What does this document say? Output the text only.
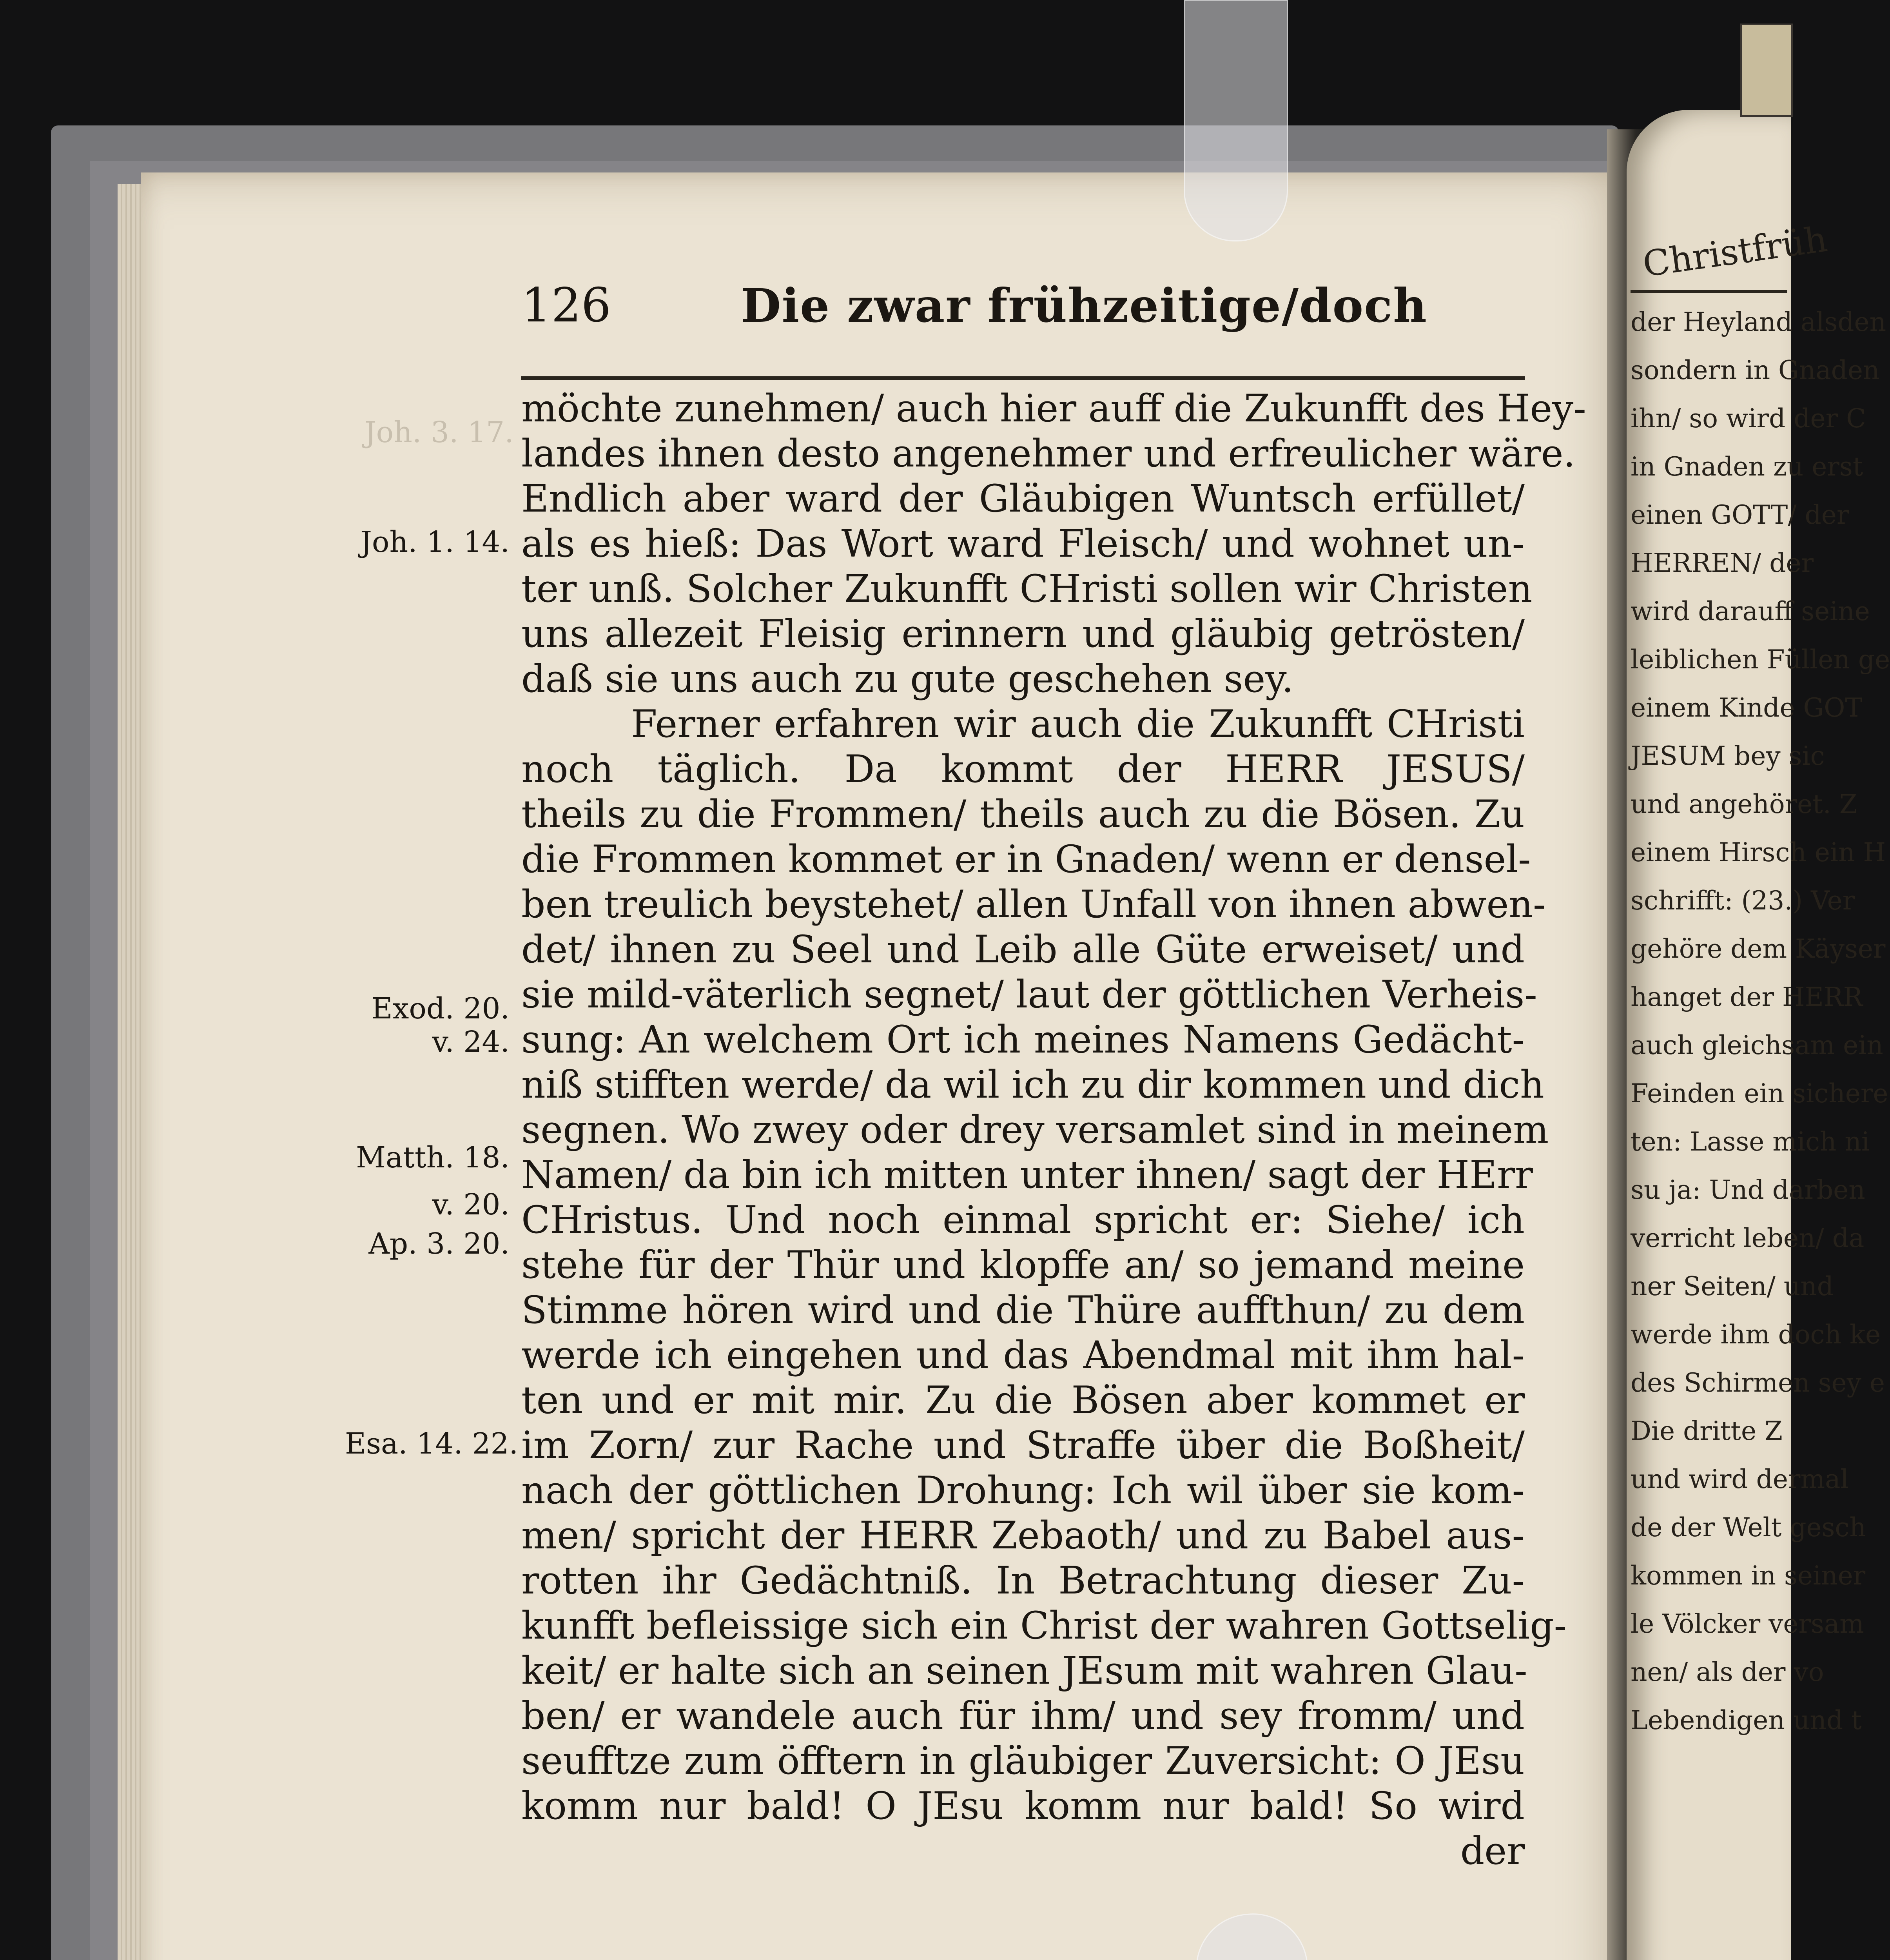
126	Die zwar frühzeitige/doch
Joh. 3. 17.
Joh. 1. 14.
Exod. 20.
v. 24.
Matth. 18.
v. 20.
Ap. 3. 20.
Esa. 14. 22.
möchte zunehmen/ auch hier auff die Zukunfft des Hey-
landes ihnen desto angenehmer und erfreulicher wäre.
Endlich aber ward der Gläubigen Wuntsch erfüllet/
als es hieß: Das Wort ward Fleisch/ und wohnet un-
ter unß. Solcher Zukunfft CHristi sollen wir Christen
uns allezeit Fleisig erinnern und gläubig getrösten/
daß sie uns auch zu gute geschehen sey.
Ferner erfahren wir auch die Zukunfft CHristi
noch täglich. Da kommt der HERR JESUS/
theils zu die Frommen/ theils auch zu die Bösen. Zu
die Frommen kommet er in Gnaden/ wenn er densel-
ben treulich beystehet/ allen Unfall von ihnen abwen-
det/ ihnen zu Seel und Leib alle Güte erweiset/ und
sie mild-väterlich segnet/ laut der göttlichen Verheis-
sung: An welchem Ort ich meines Namens Gedächt-
niß stifften werde/ da wil ich zu dir kommen und dich
segnen. Wo zwey oder drey versamlet sind in meinem
Namen/ da bin ich mitten unter ihnen/ sagt der HErr
CHristus. Und noch einmal spricht er: Siehe/ ich
stehe für der Thür und klopffe an/ so jemand meine
Stimme hören wird und die Thüre auffthun/ zu dem
werde ich eingehen und das Abendmal mit ihm hal-
ten und er mit mir. Zu die Bösen aber kommet er
im Zorn/ zur Rache und Straffe über die Boßheit/
nach der göttlichen Drohung: Ich wil über sie kom-
men/ spricht der HERR Zebaoth/ und zu Babel aus-
rotten ihr Gedächtniß. In Betrachtung dieser Zu-
kunfft befleissige sich ein Christ der wahren Gottselig-
keit/ er halte sich an seinen JEsum mit wahren Glau-
ben/ er wandele auch für ihm/ und sey fromm/ und
seufftze zum öfftern in gläubiger Zuversicht: O JEsu
komm nur bald! O JEsu komm nur bald! So wird
der
Christfrüh
der Heyland alsden
sondern in Gnaden
ihn/ so wird der C
in Gnaden zu erst
einen GOTT/ der
HERREN/ der
wird darauff seine
leiblichen Füllen ge
einem Kinde GOT
JESUM bey sic
und angehöret. Z
einem Hirsch ein H
schrifft: (23.) Ver
gehöre dem Käyser
hanget der HERR
auch gleichsam ein
Feinden ein sichere
ten: Lasse mich ni
su ja: Und darben
verricht leben/ da
ner Seiten/ und
werde ihm doch ke
des Schirmen sey e
Die dritte Z
und wird dermal
de der Welt gesch
kommen in seiner
le Völcker versam
nen/ als der vo
Lebendigen und t
